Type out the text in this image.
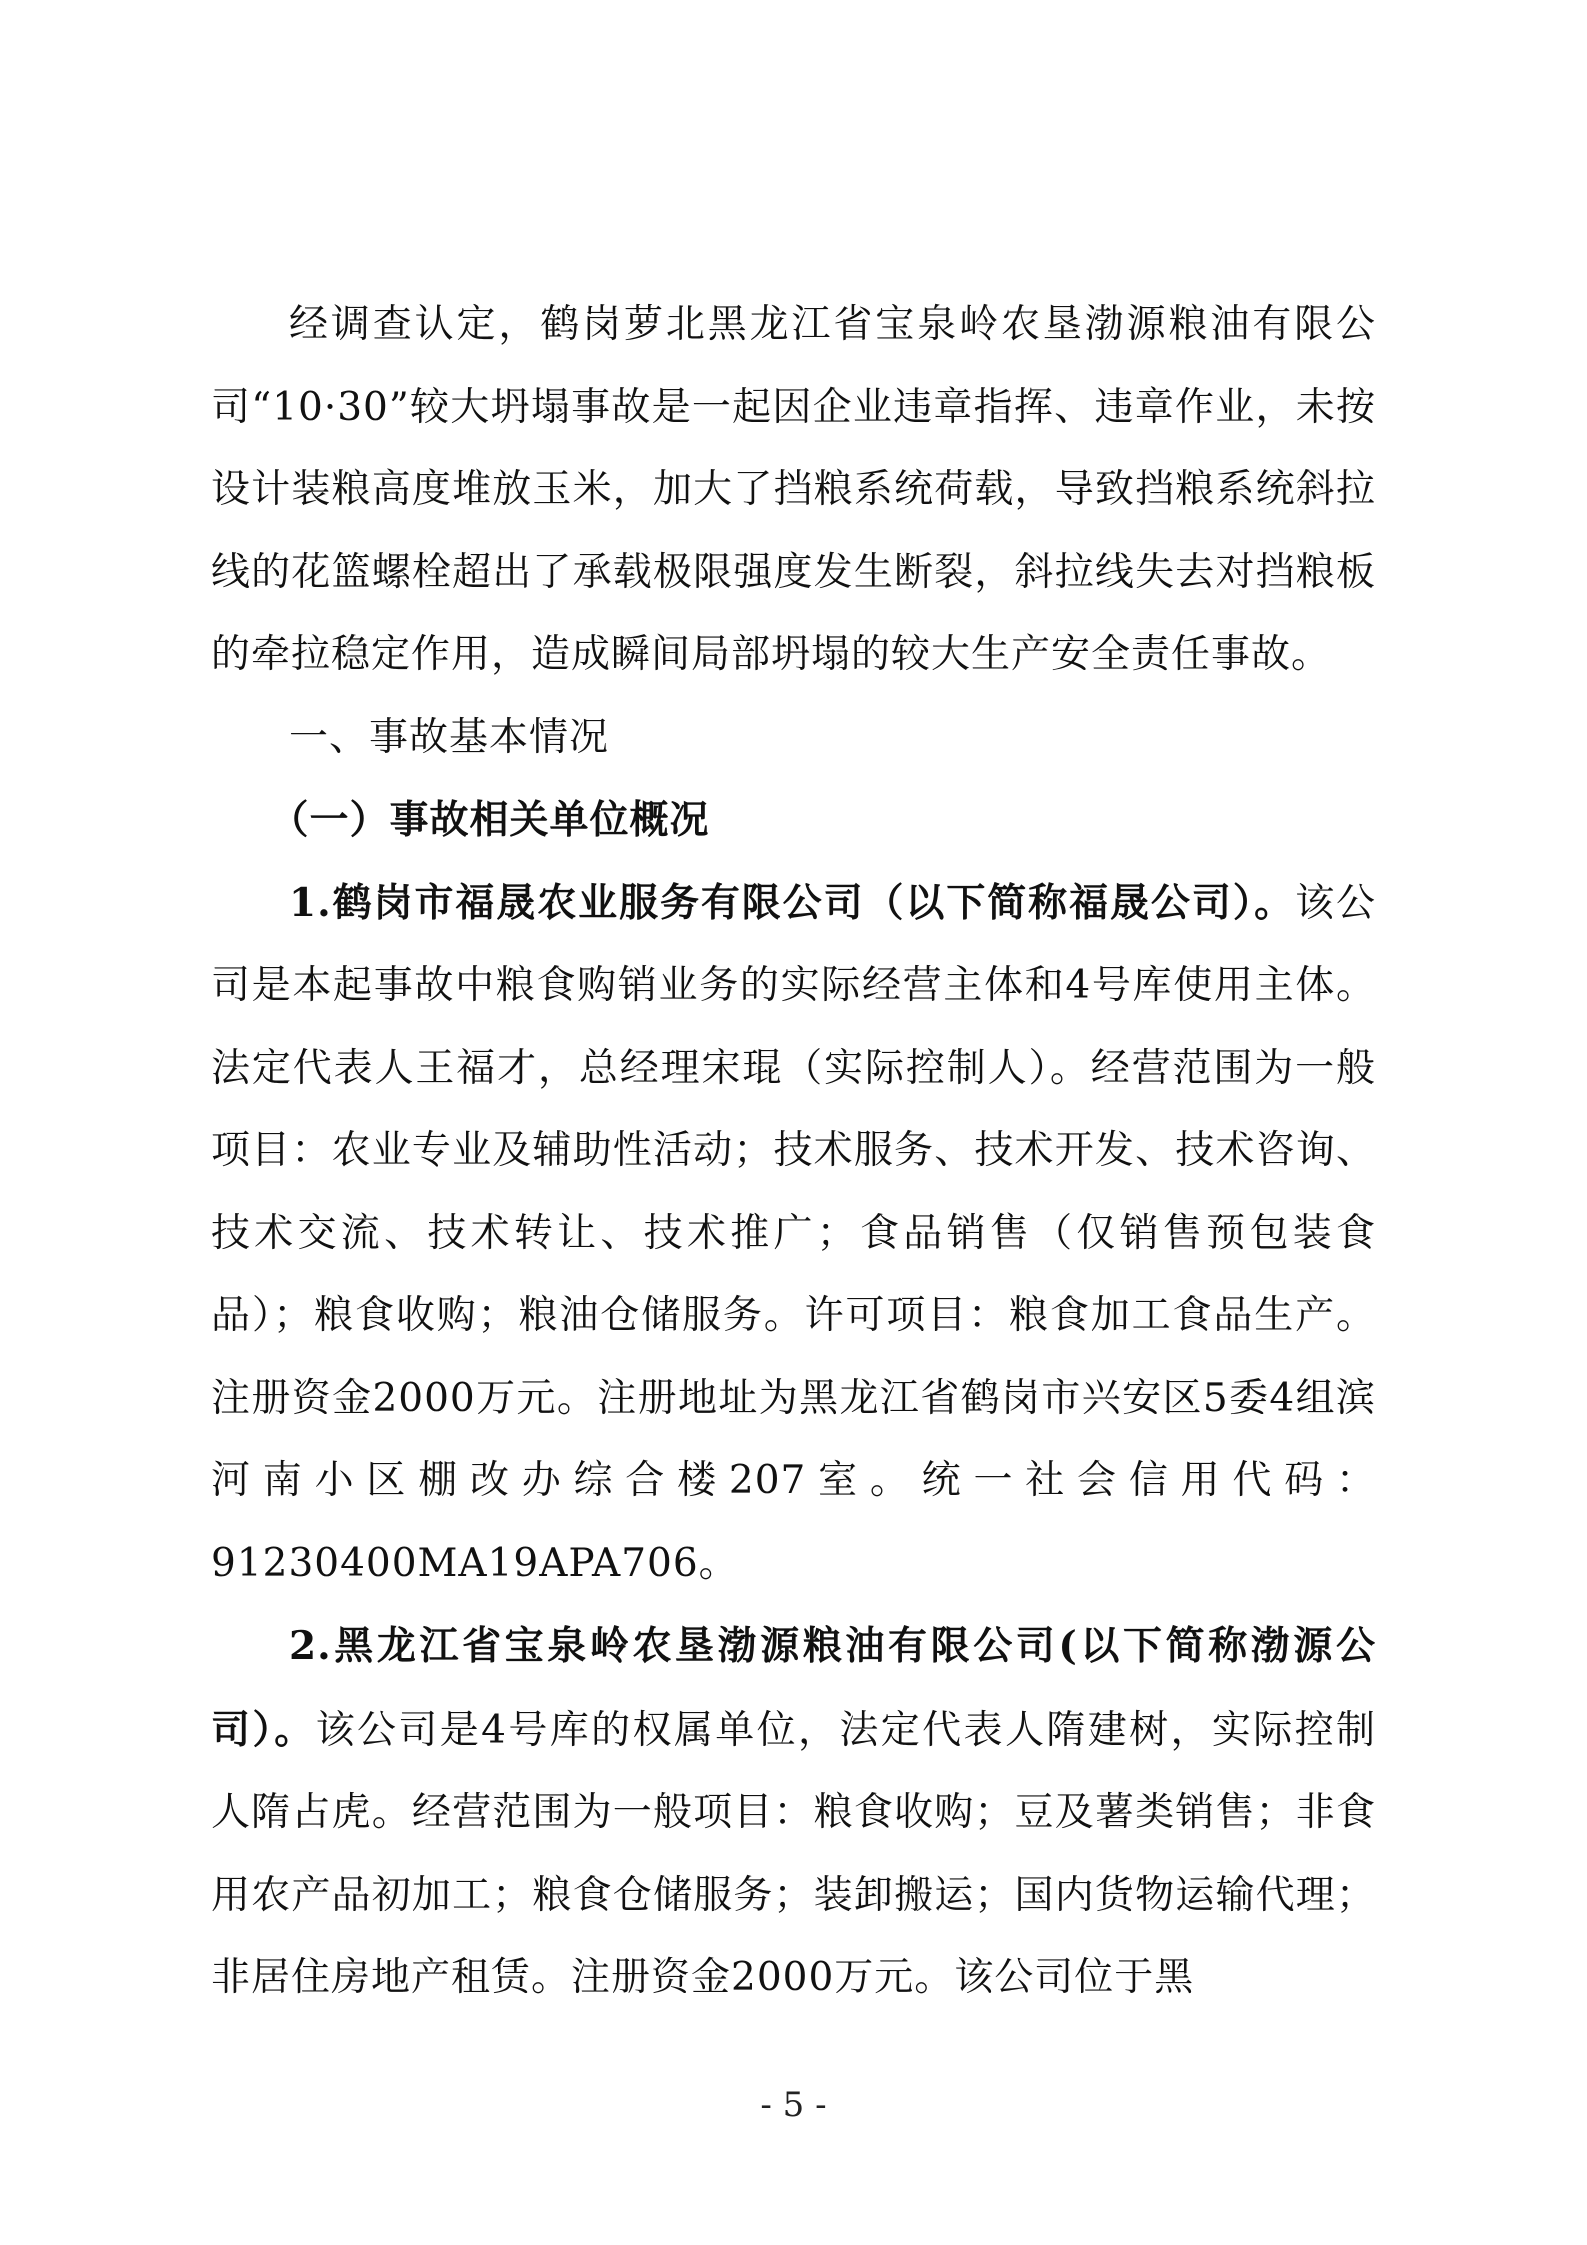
经调查认定，鹤岗萝北黑龙江省宝泉岭农垦渤源粮油有限公司“10·30”较大坍塌事故是一起因企业违章指挥、违章作业，未按设计装粮高度堆放玉米，加大了挡粮系统荷载，导致挡粮系统斜拉线的花篮螺栓超出了承载极限强度发生断裂，斜拉线失去对挡粮板的牵拉稳定作用，造成瞬间局部坍塌的较大生产安全责任事故。

一、事故基本情况

（一）事故相关单位概况

1.鹤岗市福晟农业服务有限公司（以下简称福晟公司）。该公司是本起事故中粮食购销业务的实际经营主体和4号库使用主体。法定代表人王福才，总经理宋琨（实际控制人）。经营范围为一般项目：农业专业及辅助性活动；技术服务、技术开发、技术咨询、技术交流、技术转让、技术推广；食品销售（仅销售预包装食品）；粮食收购；粮油仓储服务。许可项目：粮食加工食品生产。注册资金2000万元。注册地址为黑龙江省鹤岗市兴安区5委4组滨河南小区棚改办综合楼207室。统一社会信用代码：91230400MA19APA706。

2.黑龙江省宝泉岭农垦渤源粮油有限公司(以下简称渤源公司）。该公司是4号库的权属单位，法定代表人隋建树，实际控制人隋占虎。经营范围为一般项目：粮食收购；豆及薯类销售；非食用农产品初加工；粮食仓储服务；装卸搬运；国内货物运输代理；非居住房地产租赁。注册资金2000万元。该公司位于黑

- 5 -
